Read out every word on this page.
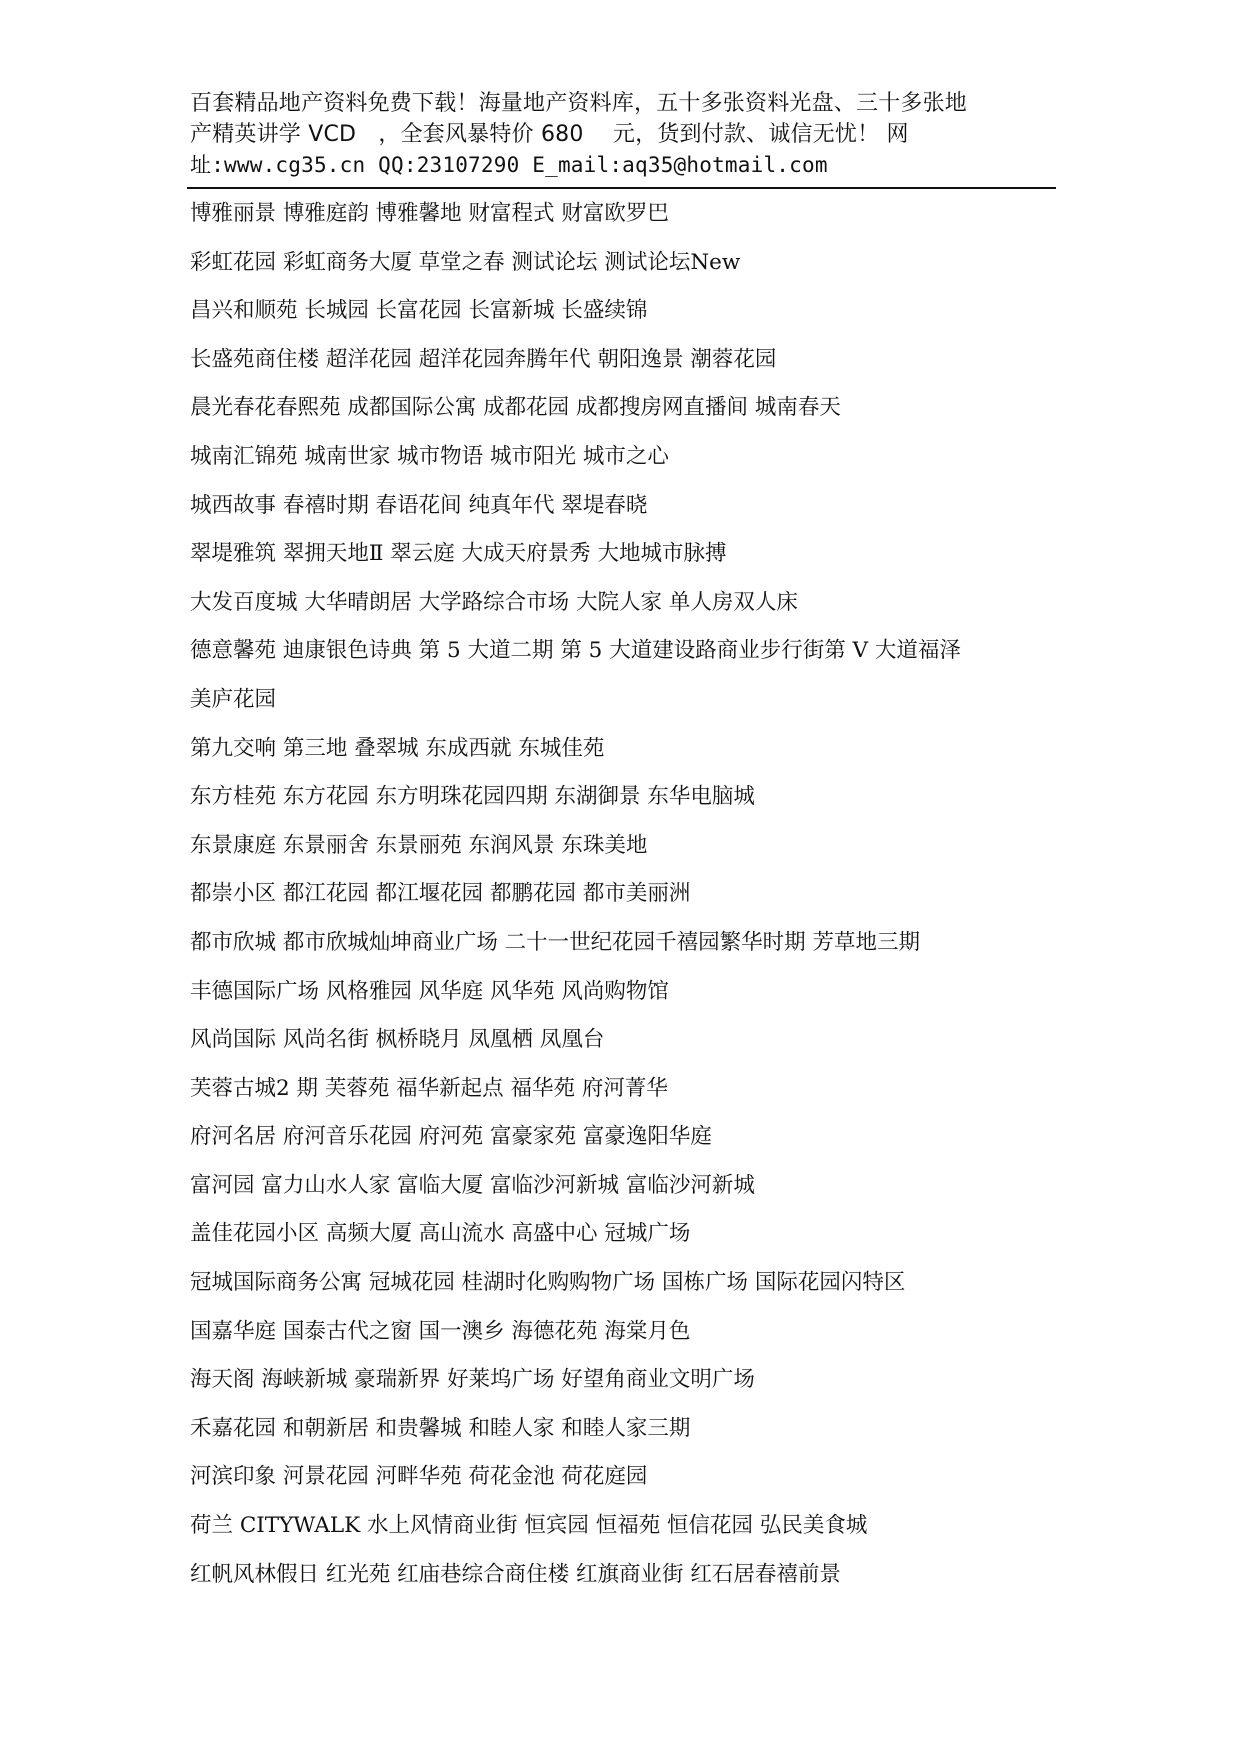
百套精品地产资料免费下载！海量地产资料库，五十多张资料光盘、三十多张地
产精英讲学 VCD　，全套风暴特价 680　 元，货到付款、诚信无忧！ 网
址:www.cg35.cn QQ:23107290 E_mail:aq35@hotmail.com
博雅丽景 博雅庭韵 博雅馨地 财富程式 财富欧罗巴
彩虹花园 彩虹商务大厦 草堂之春 测试论坛 测试论坛New
昌兴和顺苑 长城园 长富花园 长富新城 长盛续锦
长盛苑商住楼 超洋花园 超洋花园奔腾年代 朝阳逸景 潮蓉花园
晨光春花春熙苑 成都国际公寓 成都花园 成都搜房网直播间 城南春天
城南汇锦苑 城南世家 城市物语 城市阳光 城市之心
城西故事 春禧时期 春语花间 纯真年代 翠堤春晓
翠堤雅筑 翠拥天地Ⅱ 翠云庭 大成天府景秀 大地城市脉搏
大发百度城 大华晴朗居 大学路综合市场 大院人家 单人房双人床
德意馨苑 迪康银色诗典 第 5 大道二期 第 5 大道建设路商业步行街第 V 大道福泽
美庐花园
第九交响 第三地 叠翠城 东成西就 东城佳苑
东方桂苑 东方花园 东方明珠花园四期 东湖御景 东华电脑城
东景康庭 东景丽舍 东景丽苑 东润风景 东珠美地
都崇小区 都江花园 都江堰花园 都鹏花园 都市美丽洲
都市欣城 都市欣城灿坤商业广场 二十一世纪花园千禧园繁华时期 芳草地三期
丰德国际广场 风格雅园 风华庭 风华苑 风尚购物馆
风尚国际 风尚名街 枫桥晓月 凤凰栖 凤凰台
芙蓉古城2 期 芙蓉苑 福华新起点 福华苑 府河菁华
府河名居 府河音乐花园 府河苑 富豪家苑 富豪逸阳华庭
富河园 富力山水人家 富临大厦 富临沙河新城 富临沙河新城
盖佳花园小区 高频大厦 高山流水 高盛中心 冠城广场
冠城国际商务公寓 冠城花园 桂湖时化购购物广场 国栋广场 国际花园闪特区
国嘉华庭 国泰古代之窗 国一澳乡 海德花苑 海棠月色
海天阁 海峡新城 豪瑞新界 好莱坞广场 好望角商业文明广场
禾嘉花园 和朝新居 和贵馨城 和睦人家 和睦人家三期
河滨印象 河景花园 河畔华苑 荷花金池 荷花庭园
荷兰 CITYWALK 水上风情商业街 恒宾园 恒福苑 恒信花园 弘民美食城
红帆风林假日 红光苑 红庙巷综合商住楼 红旗商业街 红石居春禧前景
